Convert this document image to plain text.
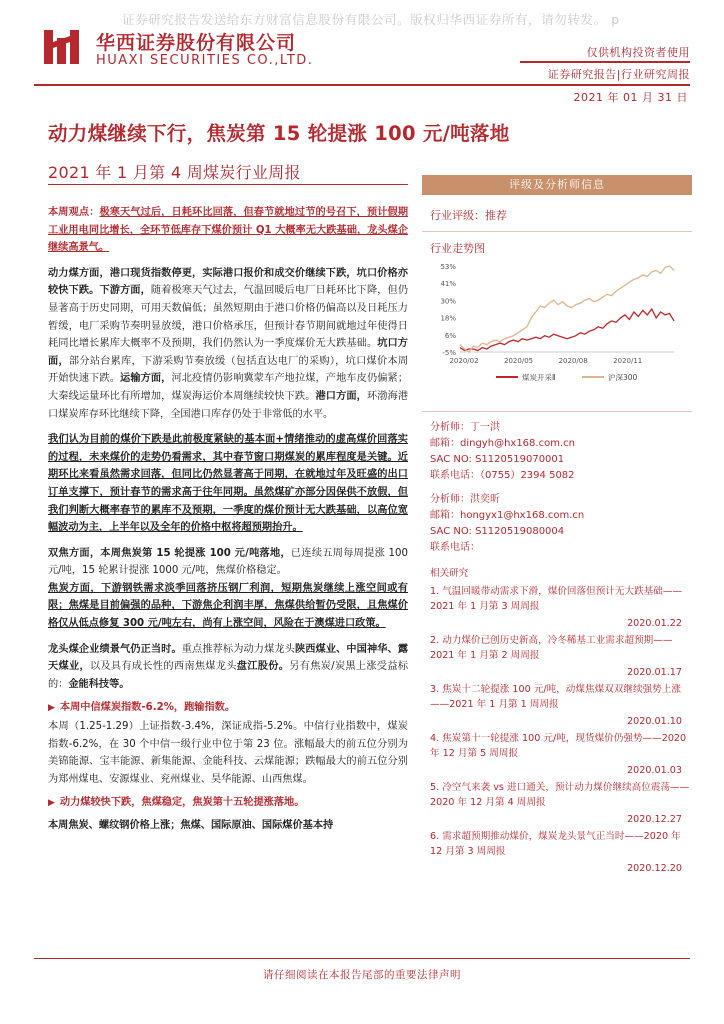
证券研究报告发送给东方财富信息股份有限公司。版权归华西证券所有，请勿转发。 p
华西证券股份有限公司
HUAXI SECURITIES CO.,LTD.
仅供机构投资者使用
证券研究报告|行业研究周报
2021 年 01 月 31 日
动力煤继续下行，焦炭第 15 轮提涨 100 元/吨落地
2021 年 1 月第 4 周煤炭行业周报

本周观点：极寒天气过后，日耗环比回落，但春节就地过节的号召下，预计假期工业用电同比增长，全环节低库存下煤价预计 Q1 大概率无大跌基础，龙头煤企继续高景气。

动力煤方面，港口现货指数停更，实际港口报价和成交价继续下跌，坑口价格亦较快下跌。下游方面，随着极寒天气过去，气温回暖后电厂日耗环比下降，但仍显著高于历史同期，可用天数偏低；虽然短期由于港口价格仍偏高以及日耗压力暂缓，电厂采购节奏明显放缓，港口价格承压，但预计春节期间就地过年使得日耗同比增长累库大概率不及预期，我们仍然认为一季度煤价无大跌基础。坑口方面，部分站台累库，下游采购节奏放缓（包括直达电厂的采购），坑口煤价本周开始快速下跌。运输方面，河北疫情仍影响冀蒙车产地拉煤，产地车皮仍偏紧；大秦线运量环比有所增加，煤炭海运价本周继续较快下跌。港口方面，环渤海港口煤炭库存环比继续下降，全国港口库存仍处于非常低的水平。

我们认为目前的煤价下跌是此前极度紧缺的基本面+情绪推动的虚高煤价回落实的过程，未来煤价的走势仍看需求，其中春节窗口期煤炭的累库程度是关键。近期环比来看虽然需求回落，但同比仍然显著高于同期，在就地过年及旺盛的出口订单支撑下，预计春节的需求高于往年同期。虽然煤矿亦部分因保供不放假，但我们判断大概率春节的累库不及预期，一季度的煤价预计无大跌基础，以高位宽幅波动为主，上半年以及全年的价格中枢将超预期抬升。

双焦方面，本周焦炭第 15 轮提涨 100 元/吨落地，已连续五周每周提涨 100 元/吨，15 轮累计提涨 1000 元/吨，焦煤价格稳定。

焦炭方面，下游钢铁需求淡季回落挤压钢厂利润，短期焦炭继续上涨空间或有限；焦煤是目前偏强的品种，下游焦企利润丰厚，焦煤供给暂仍受限，且焦煤价格仅从低点修复 300 元/吨左右，尚有上涨空间，风险在于澳煤进口政策。

龙头煤企业绩景气仍正当时。重点推荐标为动力煤龙头陕西煤业、中国神华、露天煤业，以及具有成长性的西南焦煤龙头盘江股份。另有焦炭/炭黑上涨受益标的：金能科技等。

▶ 本周中信煤炭指数-6.2%，跑输指数。

本周（1.25-1.29）上证指数-3.4%，深证成指-5.2%。中信行业指数中，煤炭指数-6.2%，在 30 个中信一级行业中位于第 23 位。涨幅最大的前五位分别为美锦能源、宝丰能源、新集能源、金能科技、云煤能源；跌幅最大的前五位分别为郑州煤电、安源煤业、兖州煤业、昊华能源、山西焦煤。

▶ 动力煤较快下跌，焦煤稳定，焦炭第十五轮提涨落地。

本周焦炭、螺纹钢价格上涨；焦煤、国际原油、国际煤价基本持

评级及分析师信息
行业评级：推荐
行业走势图
53%
41%
30%
18%
6%
-5%
2020/02	2020/05	2020/08	2020/11
煤炭开采Ⅱ	沪深300
分析师：丁一洪
邮箱：dingyh@hx168.com.cn
SAC NO: S1120519070001
联系电话：（0755）2394 5082
分析师：洪奕昕
邮箱：hongyx1@hx168.com.cn
SAC NO: S1120519080004
联系电话：
相关研究
1. 气温回暖带动需求下滑，煤价回落但预计无大跌基础——2021 年 1 月第 3 周周报
2020.01.22
2. 动力煤价已创历史新高，冷冬稀基工业需求超预期——2021 年 1 月第 2 周周报
2020.01.17
3. 焦炭十二轮提涨 100 元/吨，动煤焦煤双双继续强势上涨——2021 年 1 月第 1 周周报
2020.01.10
4. 焦炭第十一轮提涨 100 元/吨，现货煤价仍强势——2020 年 12 月第 5 周周报
2020.01.03
5. 冷空气来袭 vs 进口通关，预计动力煤价继续高位震荡——2020 年 12 月第 4 周周报
2020.12.27
6. 需求超预期推动煤价，煤炭龙头景气正当时——2020 年 12 月第 3 周周报
2020.12.20
请仔细阅读在本报告尾部的重要法律声明
